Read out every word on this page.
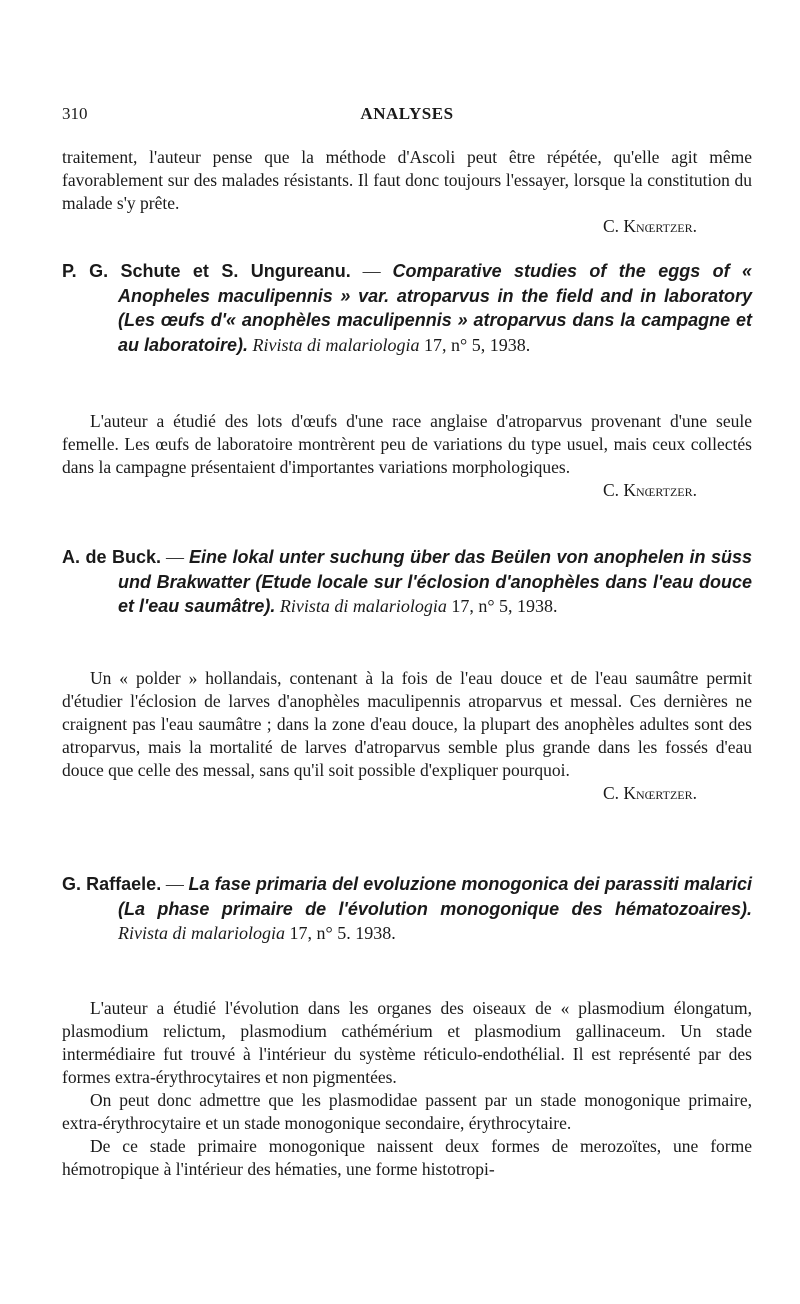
310	ANALYSES

traitement, l'auteur pense que la méthode d'Ascoli peut être répétée, qu'elle agit même favorablement sur des malades résistants. Il faut donc toujours l'essayer, lorsque la constitution du malade s'y prête.
C. Knœrtzer.

P. G. Schute et S. Ungureanu. — Comparative studies of the eggs of « Anopheles maculipennis » var. atroparvus in the field and in laboratory (Les œufs d'« anophèles maculipennis » atroparvus dans la campagne et au laboratoire). Rivista di malariologia 17, n° 5, 1938.

L'auteur a étudié des lots d'œufs d'une race anglaise d'atroparvus provenant d'une seule femelle. Les œufs de laboratoire montrèrent peu de variations du type usuel, mais ceux collectés dans la campagne présentaient d'importantes variations morphologiques.
C. Knœrtzer.

A. de Buck. — Eine lokal unter suchung über das Beülen von anophelen in süss und Brakwatter (Etude locale sur l'éclosion d'anophèles dans l'eau douce et l'eau saumâtre). Rivista di malariologia 17, n° 5, 1938.

Un « polder » hollandais, contenant à la fois de l'eau douce et de l'eau saumâtre permit d'étudier l'éclosion de larves d'anophèles maculipennis atroparvus et messal. Ces dernières ne craignent pas l'eau saumâtre ; dans la zone d'eau douce, la plupart des anophèles adultes sont des atroparvus, mais la mortalité de larves d'atroparvus semble plus grande dans les fossés d'eau douce que celle des messal, sans qu'il soit possible d'expliquer pourquoi.
C. Knœrtzer.

G. Raffaele. — La fase primaria del evoluzione monogonica dei parassiti malarici (La phase primaire de l'évolution monogonique des hématozoaires). Rivista di malariologia 17, n° 5. 1938.

L'auteur a étudié l'évolution dans les organes des oiseaux de « plasmodium élongatum, plasmodium relictum, plasmodium cathémérium et plasmodium gallinaceum. Un stade intermédiaire fut trouvé à l'intérieur du système réticulo-endothélial. Il est représenté par des formes extra-érythrocytaires et non pigmentées.

On peut donc admettre que les plasmodidae passent par un stade monogonique primaire, extra-érythrocytaire et un stade monogonique secondaire, érythrocytaire.

De ce stade primaire monogonique naissent deux formes de merozoïtes, une forme hémotropique à l'intérieur des hématies, une forme histotropi-
